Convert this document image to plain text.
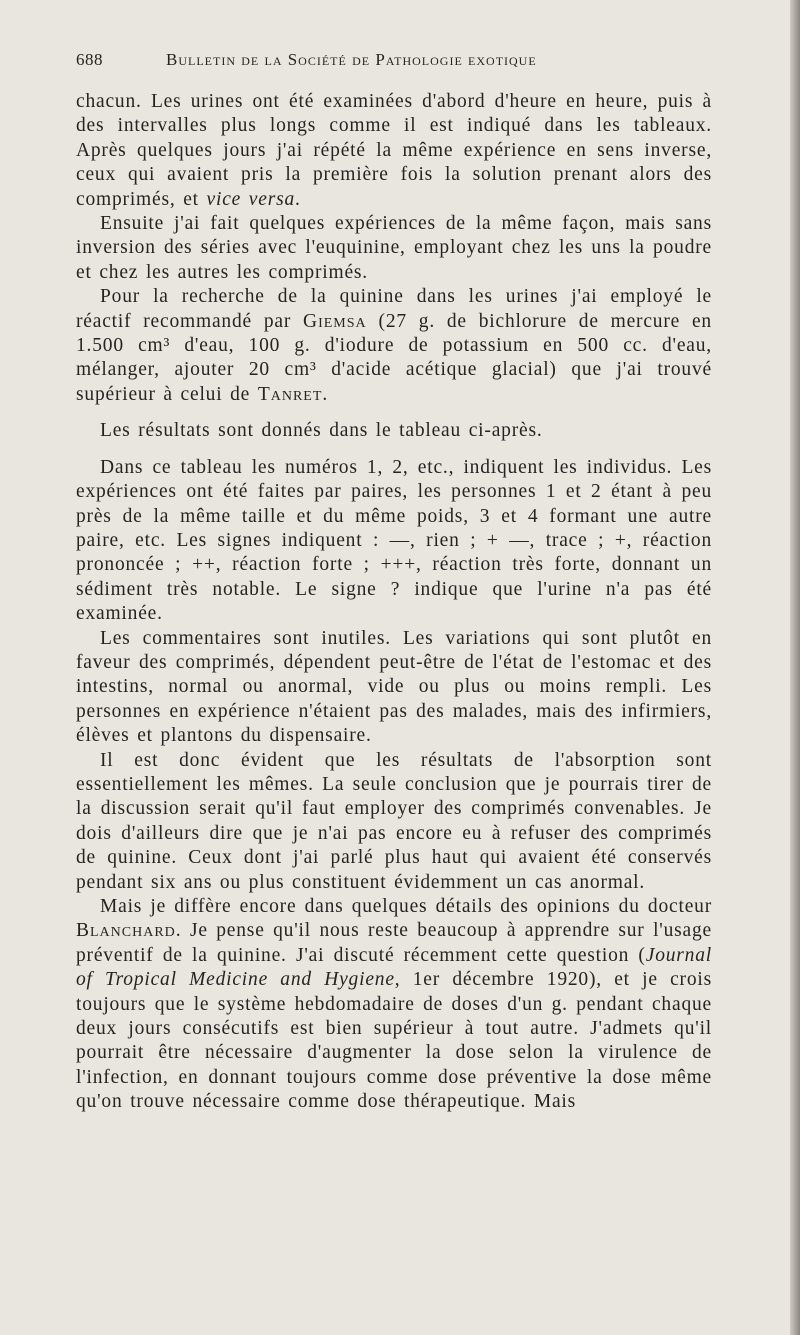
688	Bulletin de la Société de Pathologie exotique

chacun. Les urines ont été examinées d'abord d'heure en heure, puis à des intervalles plus longs comme il est indiqué dans les tableaux. Après quelques jours j'ai répété la même expérience en sens inverse, ceux qui avaient pris la première fois la solution prenant alors des comprimés, et vice versa.

Ensuite j'ai fait quelques expériences de la même façon, mais sans inversion des séries avec l'euquinine, employant chez les uns la poudre et chez les autres les comprimés.

Pour la recherche de la quinine dans les urines j'ai employé le réactif recommandé par Giemsa (27 g. de bichlorure de mercure en 1.500 cm³ d'eau, 100 g. d'iodure de potassium en 500 cc. d'eau, mélanger, ajouter 20 cm³ d'acide acétique glacial) que j'ai trouvé supérieur à celui de Tanret.

Les résultats sont donnés dans le tableau ci-après.

Dans ce tableau les numéros 1, 2, etc., indiquent les individus. Les expériences ont été faites par paires, les personnes 1 et 2 étant à peu près de la même taille et du même poids, 3 et 4 formant une autre paire, etc. Les signes indiquent : —, rien ; + —, trace ; +, réaction prononcée ; ++, réaction forte ; +++, réaction très forte, donnant un sédiment très notable. Le signe ? indique que l'urine n'a pas été examinée.

Les commentaires sont inutiles. Les variations qui sont plutôt en faveur des comprimés, dépendent peut-être de l'état de l'estomac et des intestins, normal ou anormal, vide ou plus ou moins rempli. Les personnes en expérience n'étaient pas des malades, mais des infirmiers, élèves et plantons du dispensaire.

Il est donc évident que les résultats de l'absorption sont essentiellement les mêmes. La seule conclusion que je pourrais tirer de la discussion serait qu'il faut employer des comprimés convenables. Je dois d'ailleurs dire que je n'ai pas encore eu à refuser des comprimés de quinine. Ceux dont j'ai parlé plus haut qui avaient été conservés pendant six ans ou plus constituent évidemment un cas anormal.

Mais je diffère encore dans quelques détails des opinions du docteur Blanchard. Je pense qu'il nous reste beaucoup à apprendre sur l'usage préventif de la quinine. J'ai discuté récemment cette question (Journal of Tropical Medicine and Hygiene, 1er décembre 1920), et je crois toujours que le système hebdomadaire de doses d'un g. pendant chaque deux jours consécutifs est bien supérieur à tout autre. J'admets qu'il pourrait être nécessaire d'augmenter la dose selon la virulence de l'infection, en donnant toujours comme dose préventive la dose même qu'on trouve nécessaire comme dose thérapeutique. Mais
